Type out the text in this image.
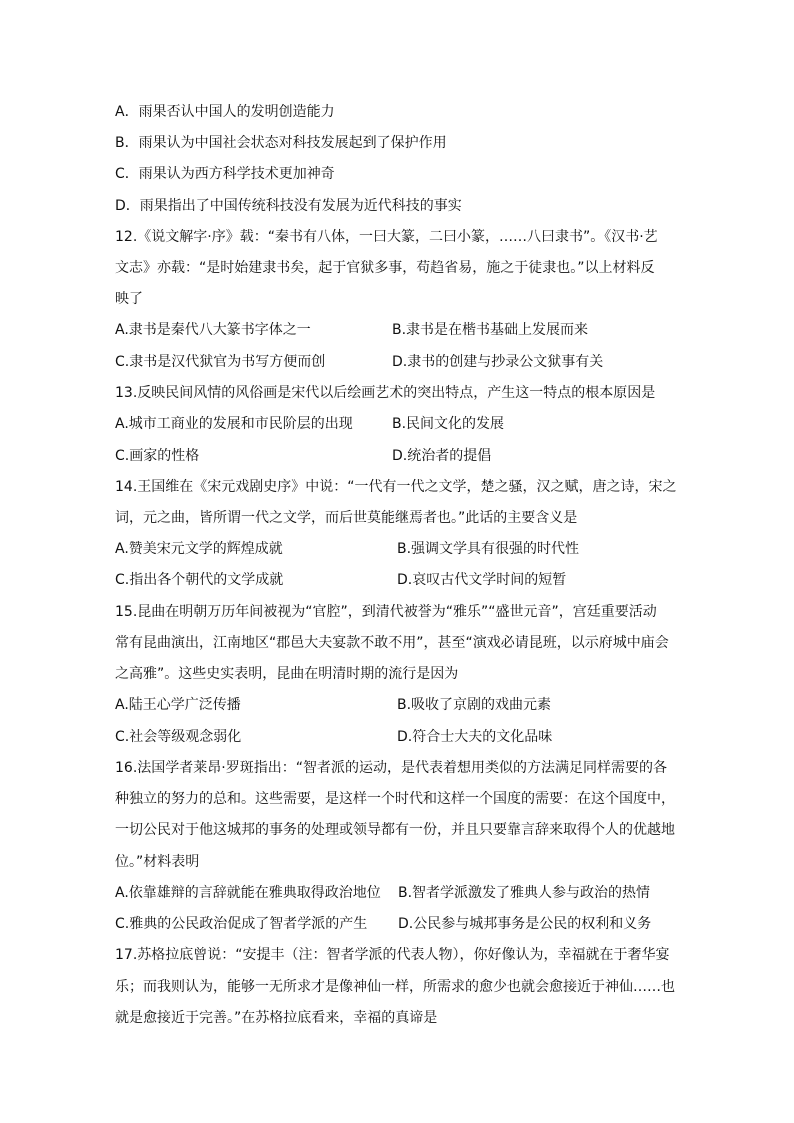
A．雨果否认中国人的发明创造能力
B．雨果认为中国社会状态对科技发展起到了保护作用
C．雨果认为西方科学技术更加神奇
D．雨果指出了中国传统科技没有发展为近代科技的事实
12.《说文解字·序》载：“秦书有八体，一曰大篆，二曰小篆，……八曰隶书”。《汉书·艺
文志》亦载：“是时始建隶书矣，起于官狱多事，苟趋省易，施之于徒隶也。”以上材料反
映了
A.隶书是秦代八大篆书字体之一	B.隶书是在楷书基础上发展而来
C.隶书是汉代狱官为书写方便而创	D.隶书的创建与抄录公文狱事有关
13.反映民间风情的风俗画是宋代以后绘画艺术的突出特点，产生这一特点的根本原因是
A.城市工商业的发展和市民阶层的出现	B.民间文化的发展
C.画家的性格	D.统治者的提倡
14.王国维在《宋元戏剧史序》中说：“一代有一代之文学，楚之骚，汉之赋，唐之诗，宋之
词，元之曲，皆所谓一代之文学，而后世莫能继焉者也。”此话的主要含义是
A.赞美宋元文学的辉煌成就	B.强调文学具有很强的时代性
C.指出各个朝代的文学成就	D.哀叹古代文学时间的短暂
15.昆曲在明朝万历年间被视为“官腔”，到清代被誉为“雅乐”“盛世元音”，宫廷重要活动
常有昆曲演出，江南地区“郡邑大夫宴款不敢不用”，甚至“演戏必请昆班，以示府城中庙会
之高雅”。这些史实表明，昆曲在明清时期的流行是因为
A.陆王心学广泛传播	B.吸收了京剧的戏曲元素
C.社会等级观念弱化	D.符合士大夫的文化品味
16.法国学者莱昂·罗斑指出：“智者派的运动，是代表着想用类似的方法满足同样需要的各
种独立的努力的总和。这些需要，是这样一个时代和这样一个国度的需要：在这个国度中，
一切公民对于他这城邦的事务的处理或领导都有一份，并且只要靠言辞来取得个人的优越地
位。”材料表明
A.依靠雄辩的言辞就能在雅典取得政治地位 B.智者学派激发了雅典人参与政治的热情
C.雅典的公民政治促成了智者学派的产生 D.公民参与城邦事务是公民的权利和义务
17.苏格拉底曾说：“安提丰（注：智者学派的代表人物），你好像认为，幸福就在于奢华宴
乐；而我则认为，能够一无所求才是像神仙一样，所需求的愈少也就会愈接近于神仙……也
就是愈接近于完善。”在苏格拉底看来，幸福的真谛是
